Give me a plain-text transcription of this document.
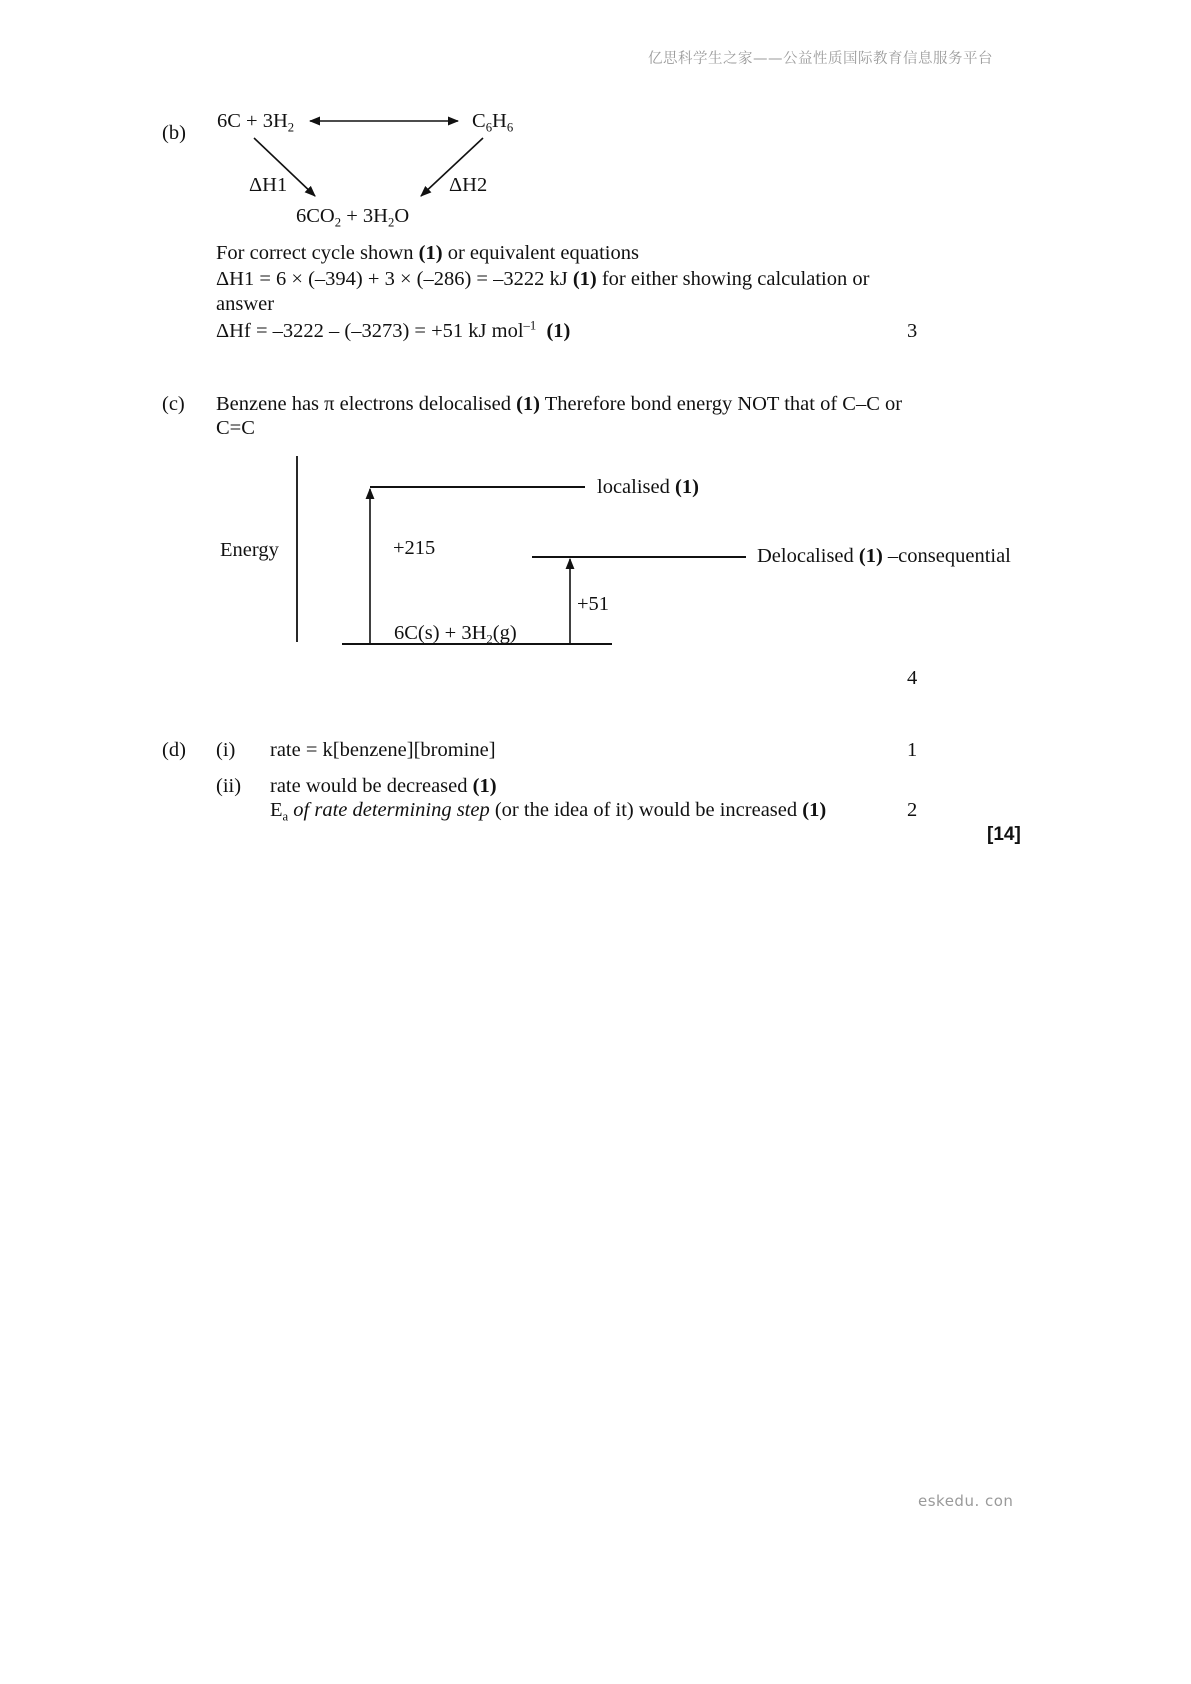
亿思科学生之家——公益性质国际教育信息服务平台
eskedu. con
(b)
$6C + 3H_2$	$C_6H_6$
ΔH1	ΔH2
$6CO_2 + 3H_2O$
For correct cycle shown (1) or equivalent equations
ΔH1 = 6 × (–394) + 3 × (–286) = –3222 kJ (1) for either showing calculation or
answer
ΔHf = –3222 – (–3273) = +51 kJ mol$^{-1}$ (1)	3
(c) Benzene has π electrons delocalised (1) Therefore bond energy NOT that of C–C or
C=C
Energy
localised (1)
+215	Delocalised (1) –consequential
+51
$6C(s) + 3H_2(g)$
4
(d) (i) rate = k[benzene][bromine]	1
(ii) rate would be decreased (1)
$E_a$ of rate determining step (or the idea of it) would be increased (1)	2
[14]
